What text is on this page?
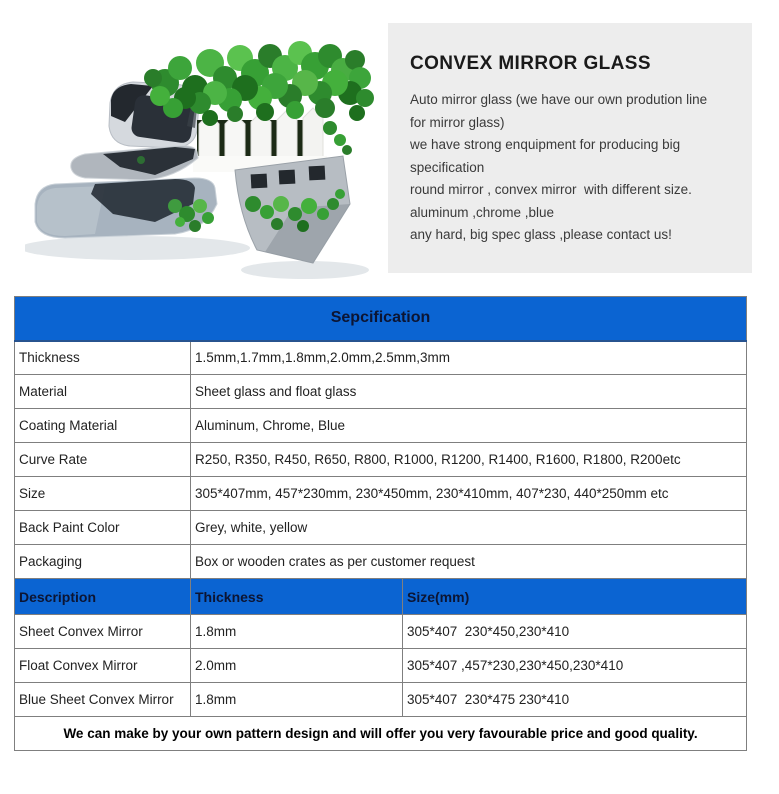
CONVEX MIRROR GLASS
Auto mirror glass (we have our own prodution line
for mirror glass)
we have strong enquipment for producing big
specification
round mirror , convex mirror  with different size.
aluminum ,chrome ,blue
any hard, big spec glass ,please contact us!
Sepcification		
Thickness	1.5mm,1.7mm,1.8mm,2.0mm,2.5mm,3mm	
Material	Sheet glass and float glass	
Coating Material	Aluminum, Chrome, Blue	
Curve Rate	R250, R350, R450, R650, R800, R1000, R1200, R1400, R1600, R1800, R200etc	
Size	305*407mm, 457*230mm, 230*450mm, 230*410mm, 407*230, 440*250mm etc	
Back Paint Color	Grey, white, yellow	
Packaging	Box or wooden crates as per customer request	
Description	Thickness	Size(mm)
Sheet Convex Mirror	1.8mm	305*407  230*450,230*410
Float Convex Mirror	2.0mm	305*407 ,457*230,230*450,230*410
Blue Sheet Convex Mirror	1.8mm	305*407  230*475 230*410
We can make by your own pattern design and will offer you very favourable price and good quality.		
